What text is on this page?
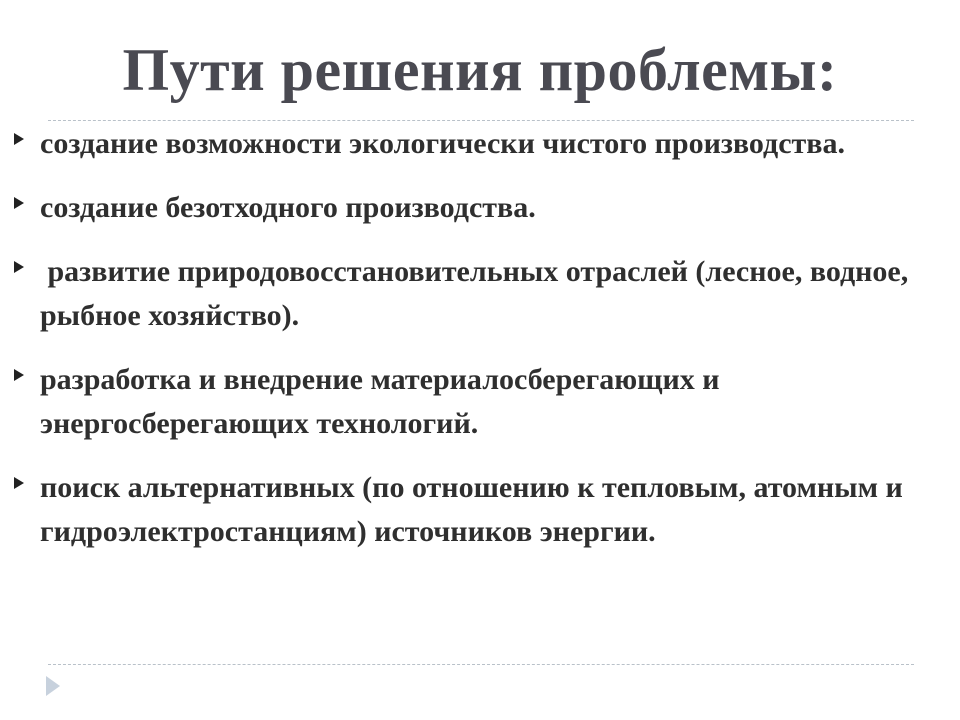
Пути решения проблемы:
создание возможности экологически чистого производства.
создание безотходного производства.
развитие природовосстановительных отраслей (лесное, водное, рыбное хозяйство).
разработка и внедрение материалосберегающих и энергосберегающих технологий.
поиск альтернативных (по отношению к тепловым, атомным и гидроэлектростанциям) источников энергии.
